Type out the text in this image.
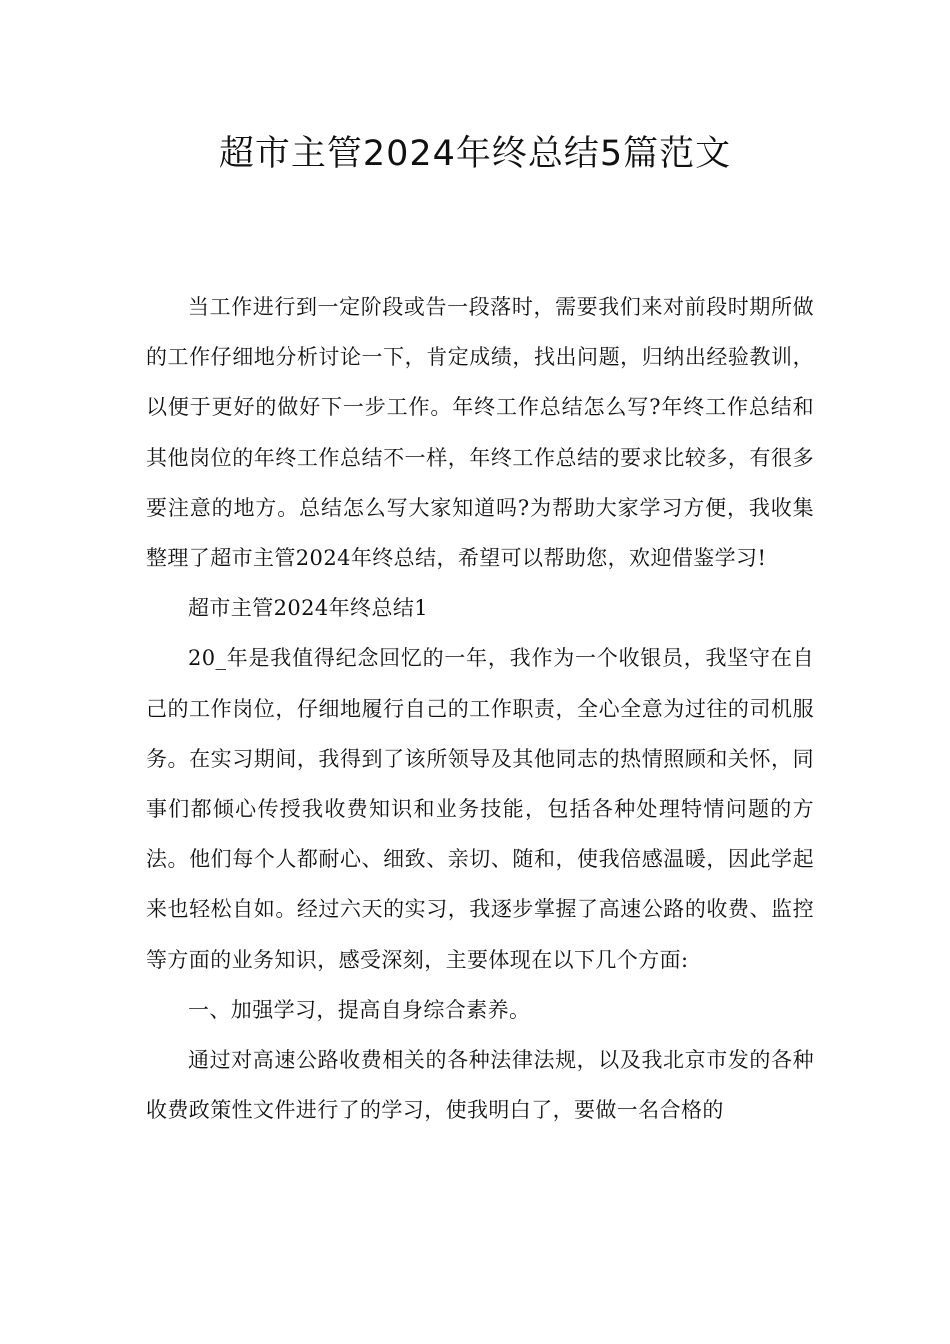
超市主管2024年终总结5篇范文

当工作进行到一定阶段或告一段落时，需要我们来对前段时期所做的工作仔细地分析讨论一下，肯定成绩，找出问题，归纳出经验教训，以便于更好的做好下一步工作。年终工作总结怎么写?年终工作总结和其他岗位的年终工作总结不一样，年终工作总结的要求比较多，有很多要注意的地方。总结怎么写大家知道吗?为帮助大家学习方便，我收集整理了超市主管2024年终总结，希望可以帮助您，欢迎借鉴学习!

超市主管2024年终总结1

20_年是我值得纪念回忆的一年，我作为一个收银员，我坚守在自己的工作岗位，仔细地履行自己的工作职责，全心全意为过往的司机服务。在实习期间，我得到了该所领导及其他同志的热情照顾和关怀，同事们都倾心传授我收费知识和业务技能，包括各种处理特情问题的方法。他们每个人都耐心、细致、亲切、随和，使我倍感温暖，因此学起来也轻松自如。经过六天的实习，我逐步掌握了高速公路的收费、监控等方面的业务知识，感受深刻，主要体现在以下几个方面:

一、加强学习，提高自身综合素养。

通过对高速公路收费相关的各种法律法规，以及我北京市发的各种收费政策性文件进行了的学习，使我明白了，要做一名合格的
